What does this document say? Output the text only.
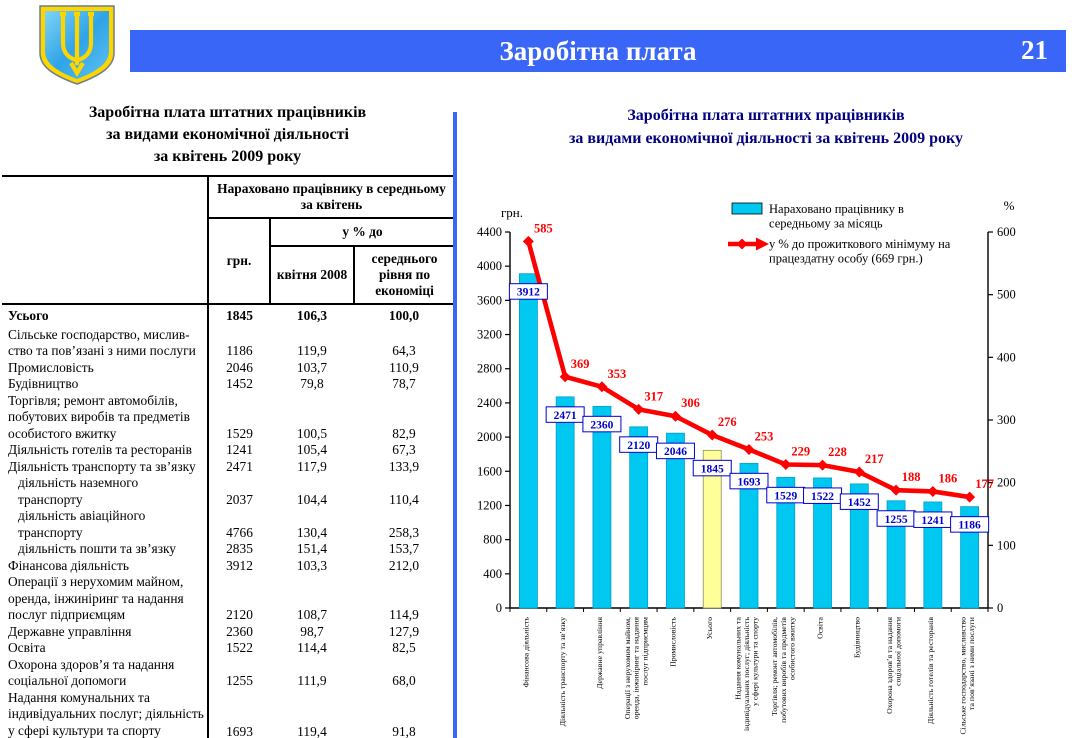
Заробітна плата	21
Заробітна плата штатних працівників
за видами економічної діяльності
за квітень 2009 року
	Нараховано працівнику в середньому за квітень		
	грн.	у % до	
		квітня 2008	середнього рівня по економіці
Усього	1845	106,3	100,0
Сільське господарство, мислив-ство та пов’язані з ними послуги	1186	119,9	64,3
Промисловість	2046	103,7	110,9
Будівництво	1452	79,8	78,7
Торгівля; ремонт автомобілів, побутових виробів та предметів особистого вжитку	1529	100,5	82,9
Діяльність готелів та ресторанів	1241	105,4	67,3
Діяльність транспорту та зв’язку	2471	117,9	133,9
діяльність наземного транспорту	2037	104,4	110,4
діяльність авіаційного транспорту	4766	130,4	258,3
діяльність пошти та зв’язку	2835	151,4	153,7
Фінансова діяльність	3912	103,3	212,0
Операції з нерухомим майном, оренда, інжиніринг та надання послуг підприємцям	2120	108,7	114,9
Державне управління	2360	98,7	127,9
Освіта	1522	114,4	82,5
Охорона здоров’я та надання соціальної допомоги	1255	111,9	68,0
Надання комунальних та індивідуальних послуг; діяльність у сфері культури та спорту	1693	119,4	91,8
Заробітна плата штатних працівників
за видами економічної діяльності за квітень 2009 року
0
400
800
1200
1600
2000
2400
2800
3200
3600
4000
4400
0
100
200
300
400
500
600
грн.	%
585
369
353
317 306
276
253
229 228 217
188 186 177
3912
2471
2360
2120
2046
1845
1693
1529 1522 1452
1255 1241 1186
Фінансова діяльність	Діяльність транспорту та зв’язку	Державне управління Операції з нерухомим майном, оренда, інжиніринг та надання послуг підприємцям Промисловість	Усього Надання комунальних та індивідуальних послуг; діяльність у сфері культури та спорту Торгівля; ремонт автомобілів, побутових виробів та предметів особистого вжитку Освіта	Будівництво	Охорона здоров’я та надання соціальної допомоги	Діяльність готелів та ресторанів	Сільське господарство, мисливство та пов’язані з ними послуги
Нараховано працівнику в
середньому за місяць
у % до прожиткового мінімуму на
працездатну особу (669 грн.)
